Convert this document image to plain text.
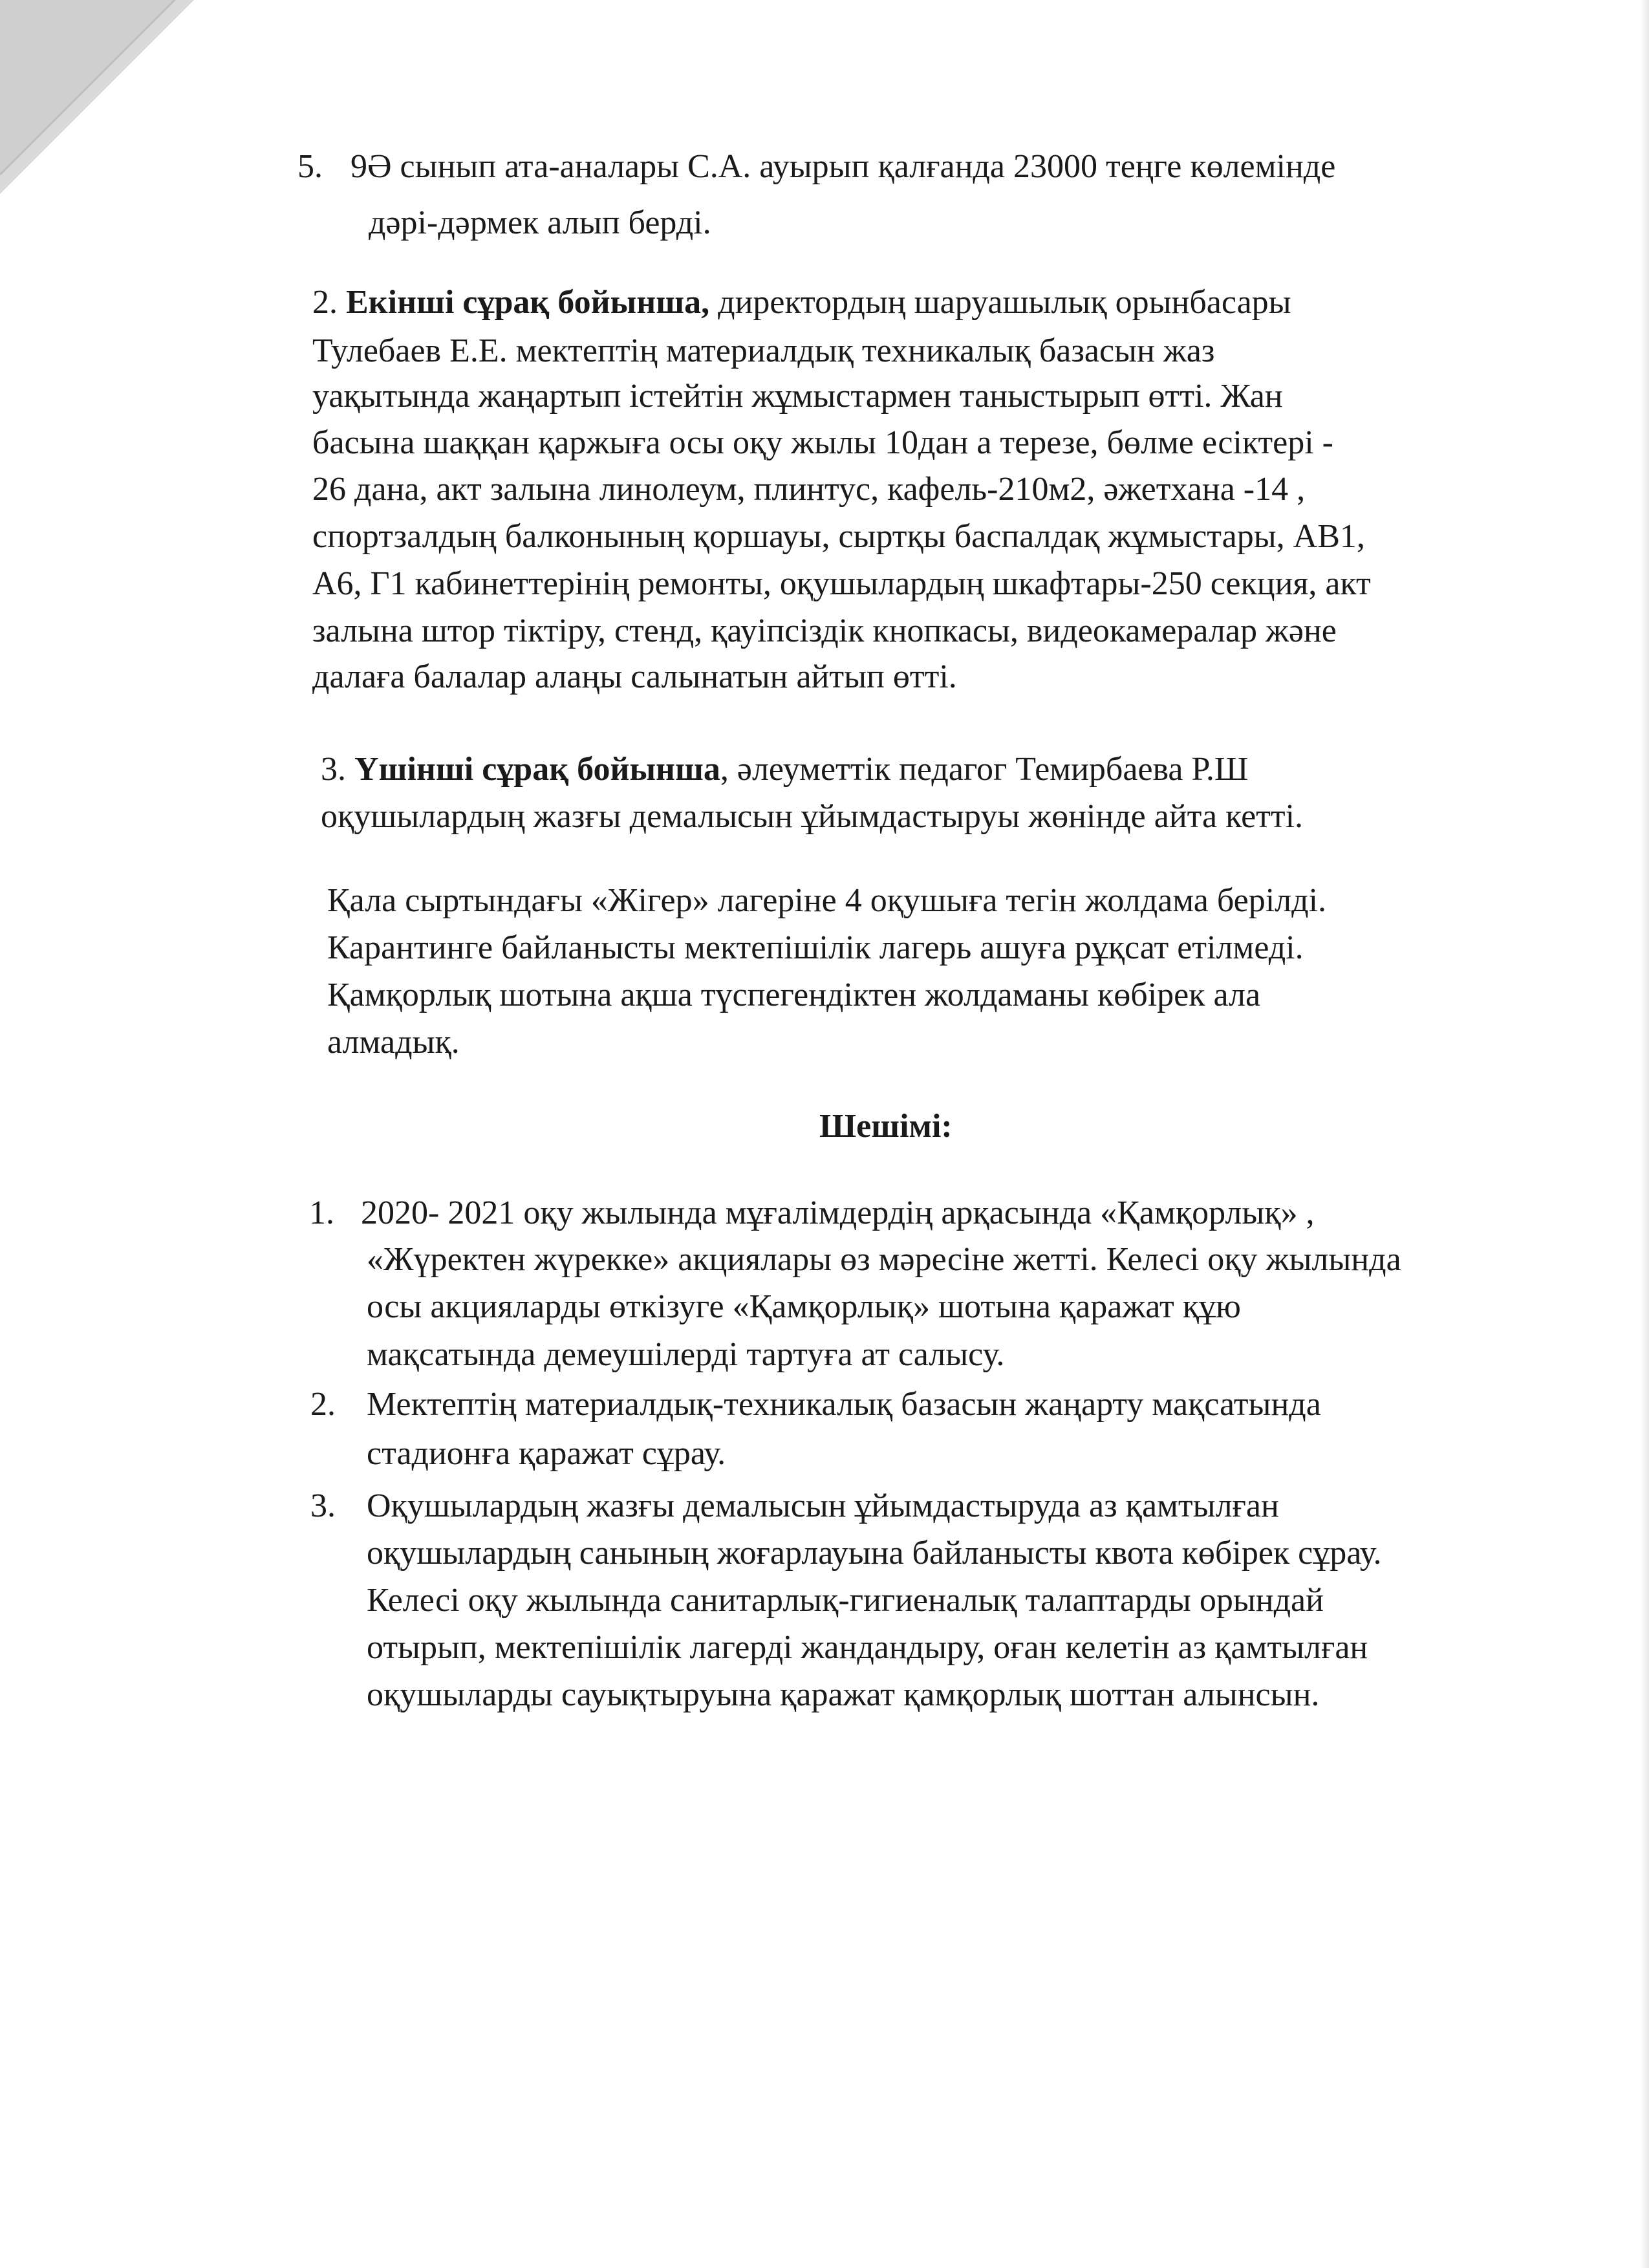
5. 9Ә сынып ата-аналары С.А. ауырып қалғанда 23000 теңге көлемінде
дәрі-дәрмек алып берді.
2. Екінші сұрақ бойынша, директордың шаруашылық орынбасары
Тулебаев Е.Е. мектептің материалдық техникалық базасын жаз
уақытында жаңартып істейтін жұмыстармен таныстырып өтті. Жан
басына шаққан қаржыға осы оқу жылы 10дан а терезе, бөлме есіктері -
26 дана, акт залына линолеум, плинтус, кафель-210м2, әжетхана -14 ,
спортзалдың балконының қоршауы, сыртқы баспалдақ жұмыстары, АВ1,
А6, Г1 кабинеттерінің ремонты, оқушылардың шкафтары-250 секция, акт
залына штор тіктіру, стенд, қауіпсіздік кнопкасы, видеокамералар және
далаға балалар алаңы салынатын айтып өтті.
3. Үшінші сұрақ бойынша, әлеуметтік педагог Темирбаева Р.Ш
оқушылардың жазғы демалысын ұйымдастыруы жөнінде айта кетті.
Қала сыртындағы «Жігер» лагеріне 4 оқушыға тегін жолдама берілді.
Карантинге байланысты мектепішілік лагерь ашуға рұқсат етілмеді.
Қамқорлық шотына ақша түспегендіктен жолдаманы көбірек ала
алмадық.
Шешімі:
1. 2020- 2021 оқу жылында мұғалімдердің арқасында «Қамқорлық» ,
«Жүректен жүрекке» акциялары өз мәресіне жетті. Келесі оқу жылында
осы акцияларды өткізуге «Қамқорлық» шотына қаражат құю
мақсатында демеушілерді тартуға ат салысу.
2. Мектептің материалдық-техникалық базасын жаңарту мақсатында
стадионға қаражат сұрау.
3. Оқушылардың жазғы демалысын ұйымдастыруда аз қамтылған
оқушылардың санының жоғарлауына байланысты квота көбірек сұрау.
Келесі оқу жылында санитарлық-гигиеналық талаптарды орындай
отырып, мектепішілік лагерді жандандыру, оған келетін аз қамтылған
оқушыларды сауықтыруына қаражат қамқорлық шоттан алынсын.
